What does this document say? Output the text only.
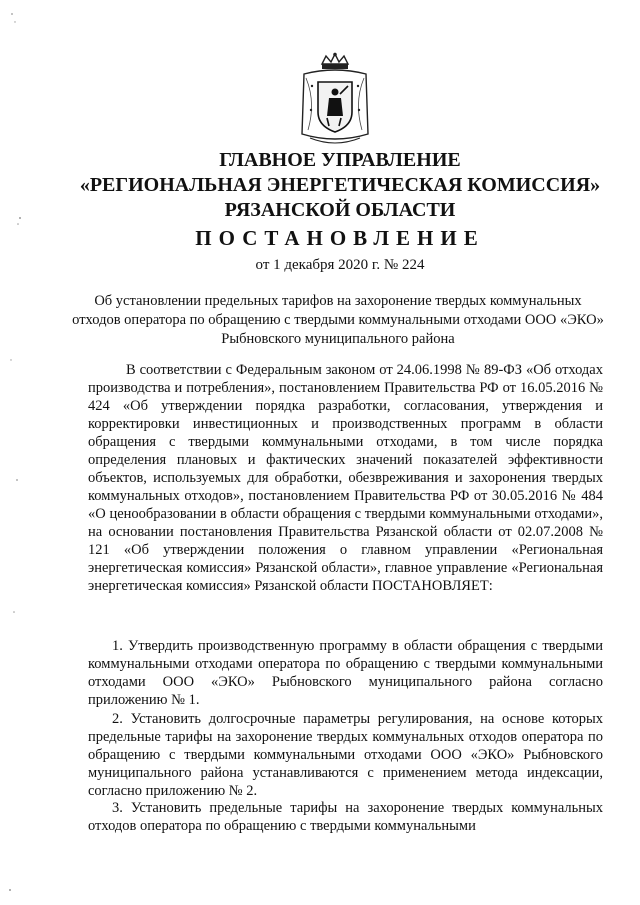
ГЛАВНОЕ УПРАВЛЕНИЕ
«РЕГИОНАЛЬНАЯ ЭНЕРГЕТИЧЕСКАЯ КОМИССИЯ»
РЯЗАНСКОЙ ОБЛАСТИ
ПОСТАНОВЛЕНИЕ
от 1 декабря 2020 г. № 224
Об установлении предельных тарифов на захоронение твердых коммунальных отходов оператора по обращению с твердыми коммунальными отходами ООО «ЭКО» Рыбновского муниципального района

В соответствии с Федеральным законом от 24.06.1998 № 89-ФЗ «Об отходах производства и потребления», постановлением Правительства РФ от 16.05.2016 № 424 «Об утверждении порядка разработки, согласования, утверждения и корректировки инвестиционных и производственных программ в области обращения с твердыми коммунальными отходами, в том числе порядка определения плановых и фактических значений показателей эффективности объектов, используемых для обработки, обезвреживания и захоронения твердых коммунальных отходов», постановлением Правительства РФ от 30.05.2016 № 484 «О ценообразовании в области обращения с твердыми коммунальными отходами», на основании постановления Правительства Рязанской области от 02.07.2008 № 121 «Об утверждении положения о главном управлении «Региональная энергетическая комиссия» Рязанской области», главное управление «Региональная энергетическая комиссия» Рязанской области ПОСТАНОВЛЯЕТ:

1. Утвердить производственную программу в области обращения с твердыми коммунальными отходами оператора по обращению с твердыми коммунальными отходами ООО «ЭКО» Рыбновского муниципального района согласно приложению № 1.

2. Установить долгосрочные параметры регулирования, на основе которых предельные тарифы на захоронение твердых коммунальных отходов оператора по обращению с твердыми коммунальными отходами ООО «ЭКО» Рыбновского муниципального района устанавливаются с применением метода индексации, согласно приложению № 2.

3. Установить предельные тарифы на захоронение твердых коммунальных отходов оператора по обращению с твердыми коммунальными
